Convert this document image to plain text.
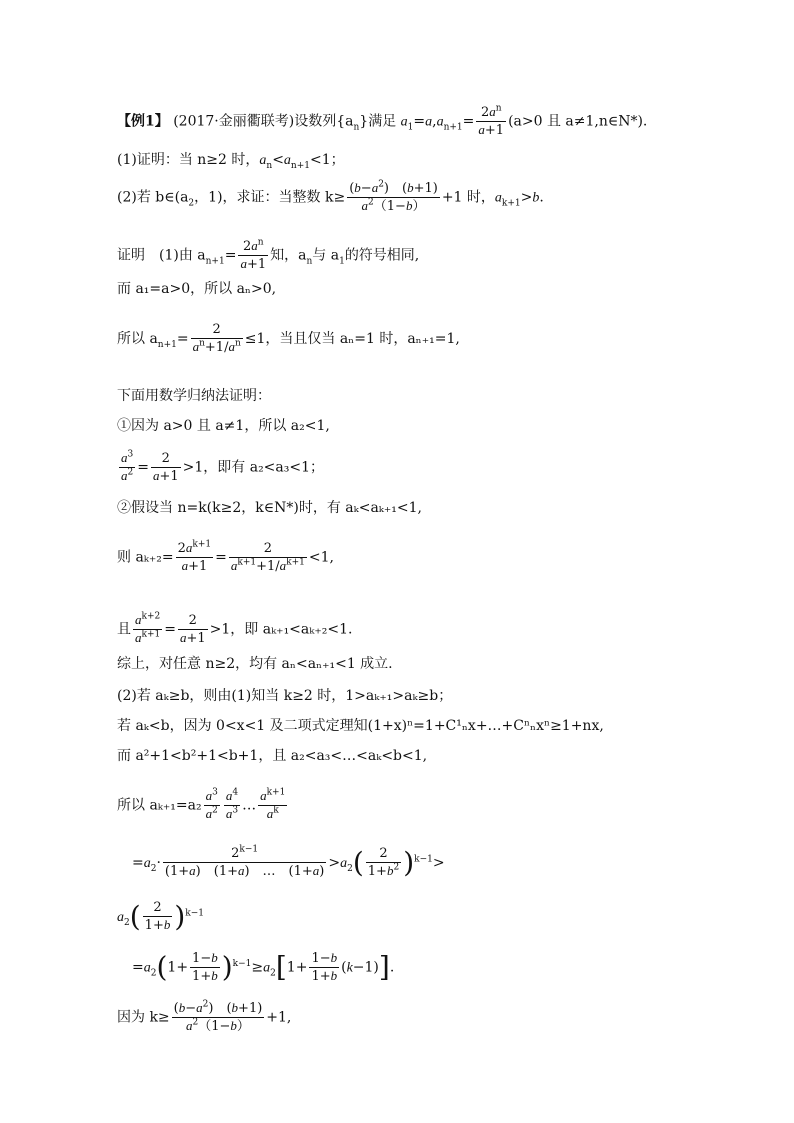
【例1】 (2017·金丽衢联考)设数列$\{a_n\}$满足 $a_1=a,a_{n+1}= \frac{2a^n}{a+1} (a>0$ 且 a≠1,n∈N*).
(1)证明：当 n≥2 时，$a_n<a_{n+1}<1$；
(2)若 $b\in(a_2$，1)，求证：当整数 $k\ge \frac{(b-a^2) (b+1)}{a^2(1-b)} +1$ 时，$a_{k+1}>b$.
证明　 (1)由 $a_{n+1}= \frac{2a^n}{a+1}$ 知，$a_n$与 $a_1$的符号相同,
而 a₁=a>0，所以 aₙ>0,
所以 $a_{n+1}= \frac{2}{a^n+1/a^n} \le 1$，当且仅当 aₙ=1 时，aₙ₊₁=1,
下面用数学归纳法证明：
①因为 a>0 且 a≠1，所以 a₂<1,
$\frac{a^3}{a^2} = \frac{2}{a+1} >1$，即有 a₂<a₃<1；
②假设当 n=k(k≥2，k∈N*)时，有 aₖ<aₖ₊₁<1,
则 $a_{k+2}= \frac{2a^{k+1}}{a+1} = \frac{2}{a^{k+1}+1/a^{k+1}} <1$,
且 $\frac{a^{k+2}}{a^{k+1}} = \frac{2}{a+1} >1$，即 aₖ₊₁<aₖ₊₂<1.
综上，对任意 n≥2，均有 aₙ<aₙ₊₁<1 成立.
(2)若 aₖ≥b，则由(1)知当 k≥2 时，1>aₖ₊₁>aₖ≥b；
若 aₖ<b，因为 0<x<1 及二项式定理知(1+x)ⁿ=1+C¹ₙx+…+Cⁿₙxⁿ≥1+nx,
而 a²+1<b²+1<b+1，且 a₂<a₃<…<aₖ<b<1,
所以 $a_{k+1}=a_2 \frac{a^3}{a^2} \frac{a^4}{a^3}$ … $\frac{a^{k+1}}{a^k}$
$=a_2\cdot \frac{2^{k-1}}{(1+a) (1+a) \dots (1+a)} >a_2( \frac{2}{1+b^2} )^{k-1}>$
$a_2( \frac{2}{1+b} )^{k-1}$
$=a_2(1+ \frac{1-b}{1+b} )^{k-1}\ge a_2[1+ \frac{1-b}{1+b} (k-1)]$.
因为 $k\ge \frac{(b-a^2) (b+1)}{a^2(1-b)} +1$,
